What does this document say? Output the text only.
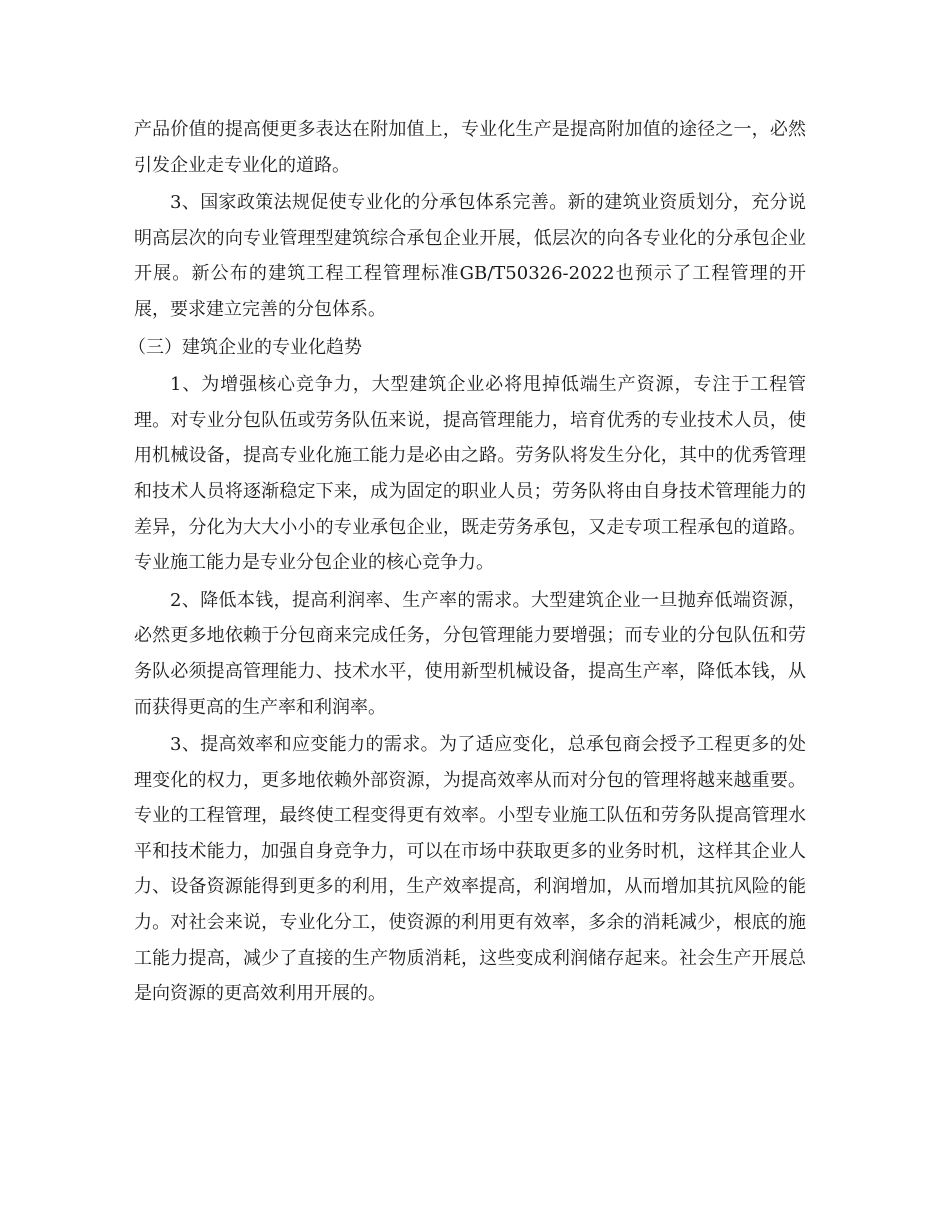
产品价值的提高便更多表达在附加值上，专业化生产是提高附加值的途径之一，必然引发企业走专业化的道路。

3、国家政策法规促使专业化的分承包体系完善。新的建筑业资质划分，充分说明高层次的向专业管理型建筑综合承包企业开展，低层次的向各专业化的分承包企业开展。新公布的建筑工程工程管理标准GB/T50326-2022也预示了工程管理的开展，要求建立完善的分包体系。

（三）建筑企业的专业化趋势

1、为增强核心竞争力，大型建筑企业必将甩掉低端生产资源，专注于工程管理。对专业分包队伍或劳务队伍来说，提高管理能力，培育优秀的专业技术人员，使用机械设备，提高专业化施工能力是必由之路。劳务队将发生分化，其中的优秀管理和技术人员将逐渐稳定下来，成为固定的职业人员；劳务队将由自身技术管理能力的差异，分化为大大小小的专业承包企业，既走劳务承包，又走专项工程承包的道路。专业施工能力是专业分包企业的核心竞争力。

2、降低本钱，提高利润率、生产率的需求。大型建筑企业一旦抛弃低端资源，必然更多地依赖于分包商来完成任务，分包管理能力要增强；而专业的分包队伍和劳务队必须提高管理能力、技术水平，使用新型机械设备，提高生产率，降低本钱，从而获得更高的生产率和利润率。

3、提高效率和应变能力的需求。为了适应变化，总承包商会授予工程更多的处理变化的权力，更多地依赖外部资源，为提高效率从而对分包的管理将越来越重要。专业的工程管理，最终使工程变得更有效率。小型专业施工队伍和劳务队提高管理水平和技术能力，加强自身竞争力，可以在市场中获取更多的业务时机，这样其企业人力、设备资源能得到更多的利用，生产效率提高，利润增加，从而增加其抗风险的能力。对社会来说，专业化分工，使资源的利用更有效率，多余的消耗减少，根底的施工能力提高，减少了直接的生产物质消耗，这些变成利润储存起来。社会生产开展总是向资源的更高效利用开展的。
